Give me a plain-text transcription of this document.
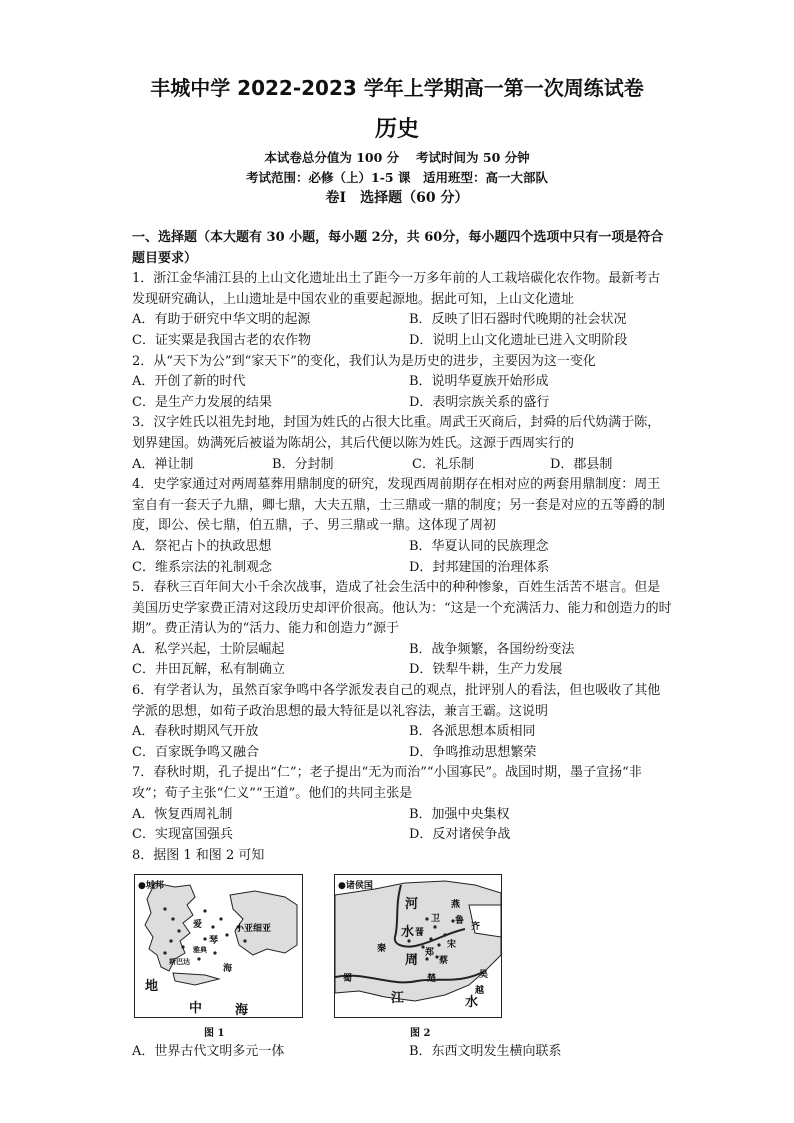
丰城中学 2022-2023 学年上学期高一第一次周练试卷
历史
本试卷总分值为 100 分　 考试时间为 50 分钟
考试范围：必修（上）1-5 课　适用班型：高一大部队
卷Ⅰ　选择题（60 分）

一、选择题（本大题有 30 小题，每小题 2分，共 60分，每小题四个选项中只有一项是符合题目要求）

1．浙江金华浦江县的上山文化遗址出土了距今一万多年前的人工栽培碳化农作物。最新考古发现研究确认，上山遗址是中国农业的重要起源地。据此可知，上山文化遗址

A．有助于研究中华文明的起源	B．反映了旧石器时代晚期的社会状况
C．证实粟是我国古老的农作物	D．说明上山文化遗址已进入文明阶段

2．从“天下为公”到“家天下”的变化，我们认为是历史的进步，主要因为这一变化

A．开创了新的时代	B．说明华夏族开始形成
C．是生产力发展的结果	D．表明宗族关系的盛行

3．汉字姓氏以祖先封地，封国为姓氏的占很大比重。周武王灭商后，封舜的后代妫满于陈，划界建国。妫满死后被谥为陈胡公，其后代便以陈为姓氏。这源于西周实行的

A．禅让制	B．分封制	C．礼乐制	D．郡县制

4．史学家通过对两周墓葬用鼎制度的研究，发现西周前期存在相对应的两套用鼎制度：周王室自有一套天子九鼎，卿七鼎，大夫五鼎，士三鼎或一鼎的制度；另一套是对应的五等爵的制度，即公、侯七鼎，伯五鼎，子、男三鼎或一鼎。这体现了周初

A．祭祀占卜的执政思想	B．华夏认同的民族理念
C．维系宗法的礼制观念	D．封邦建国的治理体系

5．春秋三百年间大小千余次战事，造成了社会生活中的种种惨象，百姓生活苦不堪言。但是美国历史学家费正清对这段历史却评价很高。他认为：“这是一个充满活力、能力和创造力的时期”。费正清认为的“活力、能力和创造力”源于

A．私学兴起，士阶层崛起	B．战争频繁，各国纷纷变法
C．井田瓦解，私有制确立	D．铁犁牛耕，生产力发展

6．有学者认为，虽然百家争鸣中各学派发表自己的观点，批评别人的看法，但也吸收了其他学派的思想，如荀子政治思想的最大特征是以礼容法，兼言王霸。这说明

A．春秋时期风气开放	B．各派思想本质相同
C．百家既争鸣又融合	D．争鸣推动思想繁荣

7．春秋时期，孔子提出“仁”；老子提出“无为而治”“小国寡民”。战国时期，墨子宣扬“非攻”；荀子主张“仁义”“王道”。他们的共同主张是

A．恢复西周礼制	B．加强中央集权
C．实现富国强兵	D．反对诸侯争战

8．据图 1 和图 2 可知

●城邦
小亚细亚
爱
琴
海
地
中	海
斯巴达
雅典
●诸侯国
河
水
燕
晋
卫 鲁
齐
秦
周
宋
郑
蔡
楚	吴
越
蜀
江	水
图 1	图 2
A．世界古代文明多元一体	B．东西文明发生横向联系
